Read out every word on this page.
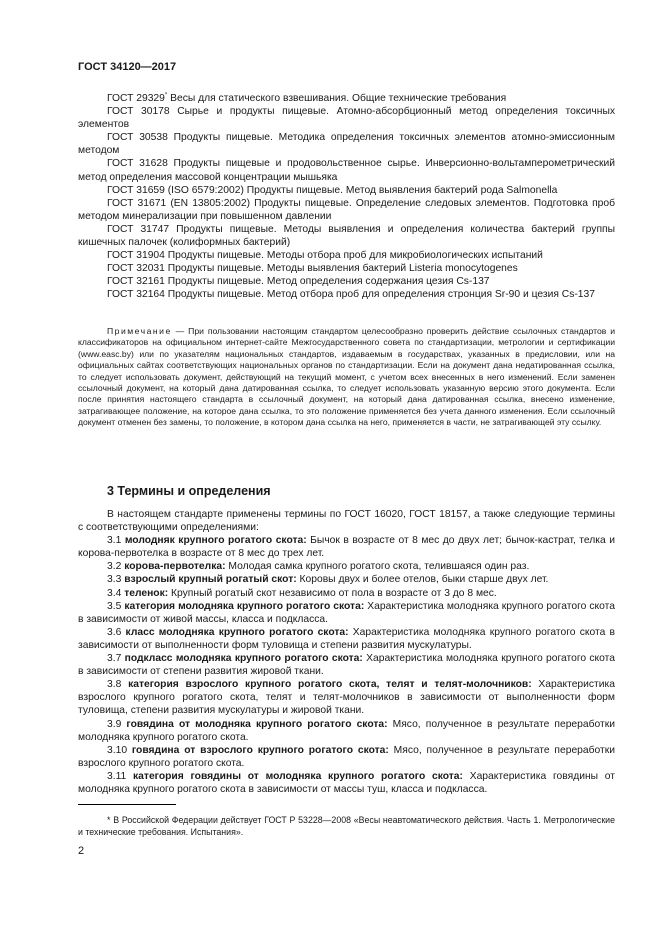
ГОСТ 34120—2017

ГОСТ 29329* Весы для статического взвешивания. Общие технические требования

ГОСТ 30178 Сырье и продукты пищевые. Атомно-абсорбционный метод определения токсичных элементов

ГОСТ 30538 Продукты пищевые. Методика определения токсичных элементов атомно-эмиссионным методом

ГОСТ 31628 Продукты пищевые и продовольственное сырье. Инверсионно-вольтамперометрический метод определения массовой концентрации мышьяка

ГОСТ 31659 (ISO 6579:2002) Продукты пищевые. Метод выявления бактерий рода Salmonella

ГОСТ 31671 (EN 13805:2002) Продукты пищевые. Определение следовых элементов. Подготовка проб методом минерализации при повышенном давлении

ГОСТ 31747 Продукты пищевые. Методы выявления и определения количества бактерий группы кишечных палочек (колиформных бактерий)

ГОСТ 31904 Продукты пищевые. Методы отбора проб для микробиологических испытаний

ГОСТ 32031 Продукты пищевые. Методы выявления бактерий Listeria monocytogenes

ГОСТ 32161 Продукты пищевые. Метод определения содержания цезия Cs-137

ГОСТ 32164 Продукты пищевые. Метод отбора проб для определения стронция Sr-90 и цезия Cs-137

Примечание — При пользовании настоящим стандартом целесообразно проверить действие ссылочных стандартов и классификаторов на официальном интернет-сайте Межгосударственного совета по стандартизации, метрологии и сертификации (www.easc.by) или по указателям национальных стандартов, издаваемым в государствах, указанных в предисловии, или на официальных сайтах соответствующих национальных органов по стандартизации. Если на документ дана недатированная ссылка, то следует использовать документ, действующий на текущий момент, с учетом всех внесенных в него изменений. Если заменен ссылочный документ, на который дана датированная ссылка, то следует использовать указанную версию этого документа. Если после принятия настоящего стандарта в ссылочный документ, на который дана датированная ссылка, внесено изменение, затрагивающее положение, на которое дана ссылка, то это положение применяется без учета данного изменения. Если ссылочный документ отменен без замены, то положение, в котором дана ссылка на него, применяется в части, не затрагивающей эту ссылку.

3 Термины и определения

В настоящем стандарте применены термины по ГОСТ 16020, ГОСТ 18157, а также следующие термины с соответствующими определениями:

3.1 молодняк крупного рогатого скота: Бычок в возрасте от 8 мес до двух лет; бычок-кастрат, телка и корова-первотелка в возрасте от 8 мес до трех лет.

3.2 корова-первотелка: Молодая самка крупного рогатого скота, телившаяся один раз.

3.3 взрослый крупный рогатый скот: Коровы двух и более отелов, быки старше двух лет.

3.4 теленок: Крупный рогатый скот независимо от пола в возрасте от 3 до 8 мес.

3.5 категория молодняка крупного рогатого скота: Характеристика молодняка крупного рогатого скота в зависимости от живой массы, класса и подкласса.

3.6 класс молодняка крупного рогатого скота: Характеристика молодняка крупного рогатого скота в зависимости от выполненности форм туловища и степени развития мускулатуры.

3.7 подкласс молодняка крупного рогатого скота: Характеристика молодняка крупного рогатого скота в зависимости от степени развития жировой ткани.

3.8 категория взрослого крупного рогатого скота, телят и телят-молочников: Характеристика взрослого крупного рогатого скота, телят и телят-молочников в зависимости от выполненности форм туловища, степени развития мускулатуры и жировой ткани.

3.9 говядина от молодняка крупного рогатого скота: Мясо, полученное в результате переработки молодняка крупного рогатого скота.

3.10 говядина от взрослого крупного рогатого скота: Мясо, полученное в результате переработки взрослого крупного рогатого скота.

3.11 категория говядины от молодняка крупного рогатого скота: Характеристика говядины от молодняка крупного рогатого скота в зависимости от массы туш, класса и подкласса.

* В Российской Федерации действует ГОСТ Р 53228—2008 «Весы неавтоматического действия. Часть 1. Метрологические и технические требования. Испытания».

2
